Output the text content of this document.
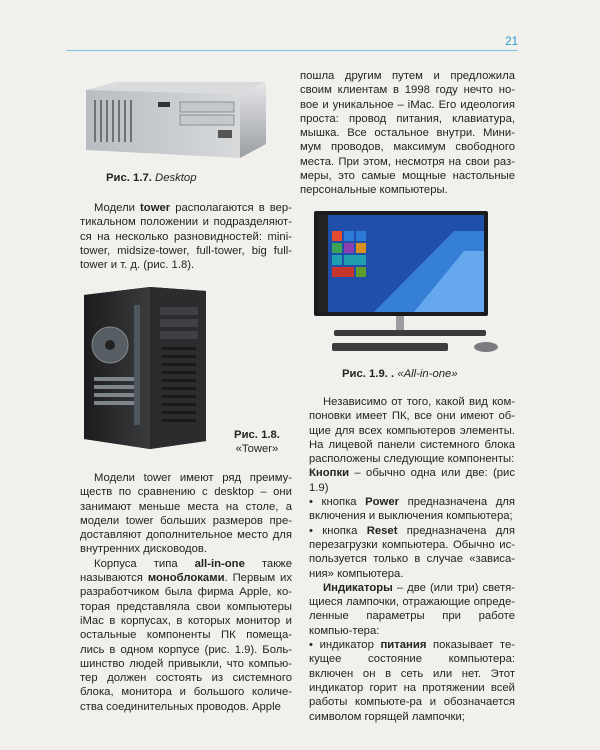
21
Рис. 1.7. Desktop

Модели tower располагаются в вер-тикальном положении и подразделяют-ся на несколько разновидностей: mini-tower, midsize-tower, full-tower, big full-tower и т. д. (рис. 1.8).

Рис. 1.8.
«Tower»

Модели tower имеют ряд преиму-ществ по сравнению с desktop – они занимают меньше места на столе, а модели tower больших размеров пре-доставляют дополнительное место для внутренних дисководов.

Корпуса типа all-in-one также называются моноблоками. Первым их разработчиком была фирма Apple, ко-торая представляла свои компьютеры iMac в корпусах, в которых монитор и остальные компоненты ПК помеща-лись в одном корпусе (рис. 1.9). Боль-шинство людей привыкли, что компью-тер должен состоять из системного блока, монитора и большого количе-ства соединительных проводов. Apple

пошла другим путем и предложила своим клиентам в 1998 году нечто но-вое и уникальное – iMac. Его идеология проста: провод питания, клавиатура, мышка. Все остальное внутри. Мини-мум проводов, максимум свободного места. При этом, несмотря на свои раз-меры, это самые мощные настольные персональные компьютеры.

Рис. 1.9. . «All-in-one»

Независимо от того, какой вид ком-поновки имеет ПК, все они имеют об-щие для всех компьютеров элементы. На лицевой панели системного блока расположены следующие компоненты:

Кнопки – обычно одна или две: (рис 1.9)

• кнопка Power предназначена для включения и выключения компьютера;

• кнопка Reset предназначена для перезагрузки компьютера. Обычно ис-пользуется только в случае «зависа-ния» компьютера.

Индикаторы – две (или три) светя-щиеся лампочки, отражающие опреде-ленные параметры при работе компью-тера:

• индикатор питания показывает те-кущее состояние компьютера: включен он в сеть или нет. Этот индикатор горит на протяжении всей работы компьюте-ра и обозначается символом горящей лампочки;
